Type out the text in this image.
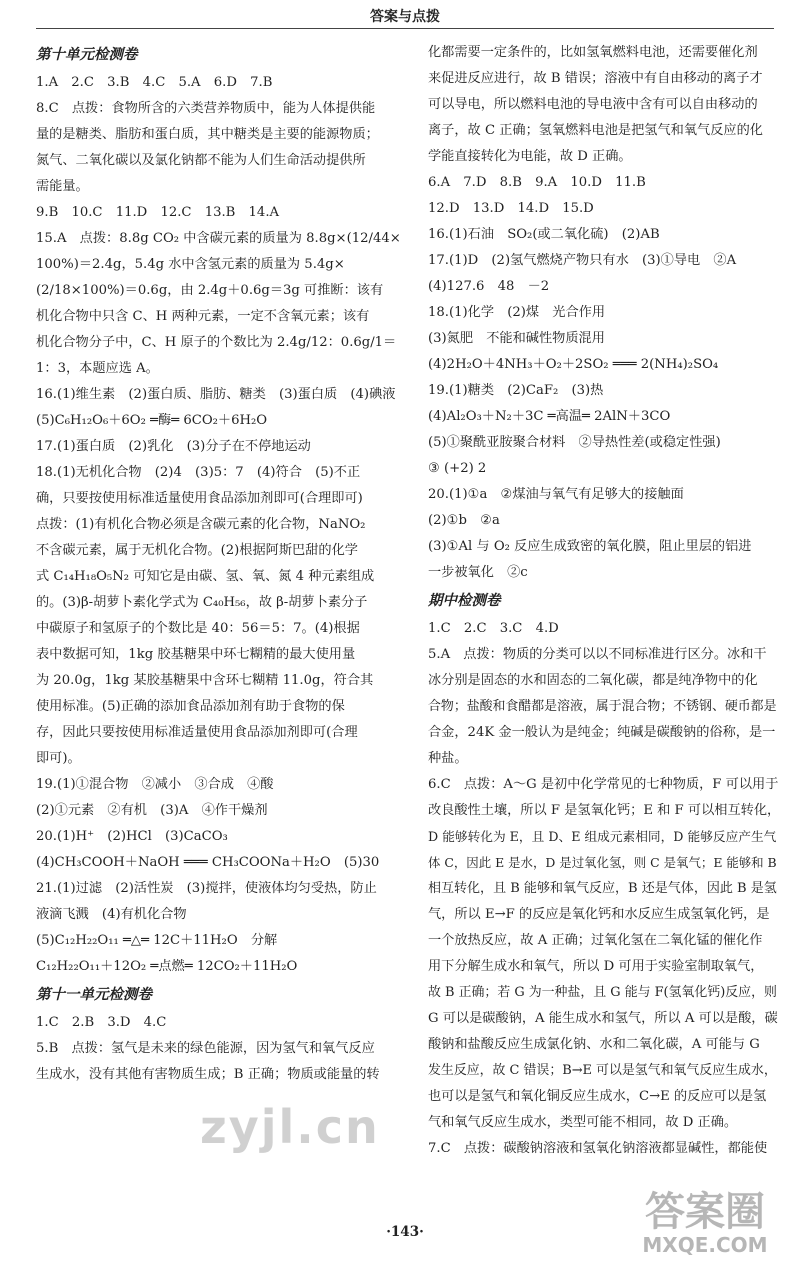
答案与点拨
第十单元检测卷
1.A　2.C　3.B　4.C　5.A　6.D　7.B
8.C　点拨：食物所含的六类营养物质中，能为人体提供能
量的是糖类、脂肪和蛋白质，其中糖类是主要的能源物质；
氮气、二氧化碳以及氯化钠都不能为人们生命活动提供所
需能量。
9.B　10.C　11.D　12.C　13.B　14.A
15.A　点拨：8.8g CO₂ 中含碳元素的质量为 8.8g×(12/44×
100%)＝2.4g，5.4g 水中含氢元素的质量为 5.4g×
(2/18×100%)＝0.6g，由 2.4g＋0.6g＝3g 可推断：该有
机化合物中只含 C、H 两种元素，一定不含氧元素；该有
机化合物分子中，C、H 原子的个数比为 2.4g/12：0.6g/1＝
1：3，本题应选 A。
16.(1)维生素　(2)蛋白质、脂肪、糖类　(3)蛋白质　(4)碘液
(5)C₆H₁₂O₆＋6O₂ ═酶═ 6CO₂＋6H₂O
17.(1)蛋白质　(2)乳化　(3)分子在不停地运动
18.(1)无机化合物　(2)4　(3)5：7　(4)符合　(5)不正
确，只要按使用标准适量使用食品添加剂即可(合理即可)
点拨：(1)有机化合物必须是含碳元素的化合物，NaNO₂
不含碳元素，属于无机化合物。(2)根据阿斯巴甜的化学
式 C₁₄H₁₈O₅N₂ 可知它是由碳、氢、氧、氮 4 种元素组成
的。(3)β-胡萝卜素化学式为 C₄₀H₅₆，故 β-胡萝卜素分子
中碳原子和氢原子的个数比是 40：56＝5：7。(4)根据
表中数据可知，1kg 胶基糖果中环七糊精的最大使用量
为 20.0g，1kg 某胶基糖果中含环七糊精 11.0g，符合其
使用标准。(5)正确的添加食品添加剂有助于食物的保
存，因此只要按使用标准适量使用食品添加剂即可(合理
即可)。
19.(1)①混合物　②减小　③合成　④酸
(2)①元素　②有机　(3)A　④作干燥剂
20.(1)H⁺　(2)HCl　(3)CaCO₃
(4)CH₃COOH＋NaOH ═══ CH₃COONa＋H₂O　(5)30
21.(1)过滤　(2)活性炭　(3)搅拌，使液体均匀受热，防止
液滴飞溅　(4)有机化合物
(5)C₁₂H₂₂O₁₁ ═△═ 12C＋11H₂O　分解
C₁₂H₂₂O₁₁＋12O₂ ═点燃═ 12CO₂＋11H₂O
第十一单元检测卷
1.C　2.B　3.D　4.C
5.B　点拨：氢气是未来的绿色能源，因为氢气和氧气反应
生成水，没有其他有害物质生成；B 正确；物质或能量的转
化都需要一定条件的，比如氢氧燃料电池，还需要催化剂
来促进反应进行，故 B 错误；溶液中有自由移动的离子才
可以导电，所以燃料电池的导电液中含有可以自由移动的
离子，故 C 正确；氢氧燃料电池是把氢气和氧气反应的化
学能直接转化为电能，故 D 正确。
6.A　7.D　8.B　9.A　10.D　11.B
12.D　13.D　14.D　15.D
16.(1)石油　SO₂(或二氧化硫)　(2)AB
17.(1)D　(2)氢气燃烧产物只有水　(3)①导电　②A
(4)127.6　48　－2
18.(1)化学　(2)煤　光合作用
(3)氮肥　不能和碱性物质混用
(4)2H₂O＋4NH₃＋O₂＋2SO₂ ═══ 2(NH₄)₂SO₄
19.(1)糖类　(2)CaF₂　(3)热
(4)Al₂O₃＋N₂＋3C ═高温═ 2AlN＋3CO
(5)①聚酰亚胺聚合材料　②导热性差(或稳定性强)
③ (+2) 2
20.(1)①a　②煤油与氧气有足够大的接触面
(2)①b　②a
(3)①Al 与 O₂ 反应生成致密的氧化膜，阻止里层的铝进
一步被氧化　②c
期中检测卷
1.C　2.C　3.C　4.D
5.A　点拨：物质的分类可以以不同标准进行区分。冰和干
冰分别是固态的水和固态的二氧化碳，都是纯净物中的化
合物；盐酸和食醋都是溶液，属于混合物；不锈钢、硬币都是
合金，24K 金一般认为是纯金；纯碱是碳酸钠的俗称，是一
种盐。
6.C　点拨：A～G 是初中化学常见的七种物质，F 可以用于
改良酸性土壤，所以 F 是氢氧化钙；E 和 F 可以相互转化，
D 能够转化为 E，且 D、E 组成元素相同，D 能够反应产生气
体 C，因此 E 是水，D 是过氧化氢，则 C 是氧气；E 能够和 B
相互转化，且 B 能够和氧气反应，B 还是气体，因此 B 是氢
气，所以 E→F 的反应是氧化钙和水反应生成氢氧化钙，是
一个放热反应，故 A 正确；过氧化氢在二氧化锰的催化作
用下分解生成水和氧气，所以 D 可用于实验室制取氧气，
故 B 正确；若 G 为一种盐，且 G 能与 F(氢氧化钙)反应，则
G 可以是碳酸钠，A 能生成水和氢气，所以 A 可以是酸，碳
酸钠和盐酸反应生成氯化钠、水和二氧化碳，A 可能与 G
发生反应，故 C 错误；B→E 可以是氢气和氧气反应生成水，
也可以是氢气和氧化铜反应生成水，C→E 的反应可以是氢
气和氧气反应生成水，类型可能不相同，故 D 正确。
7.C　点拨：碳酸钠溶液和氢氧化钠溶液都显碱性，都能使
·143·
zyjl.cn
答案圈
MXQE.COM
